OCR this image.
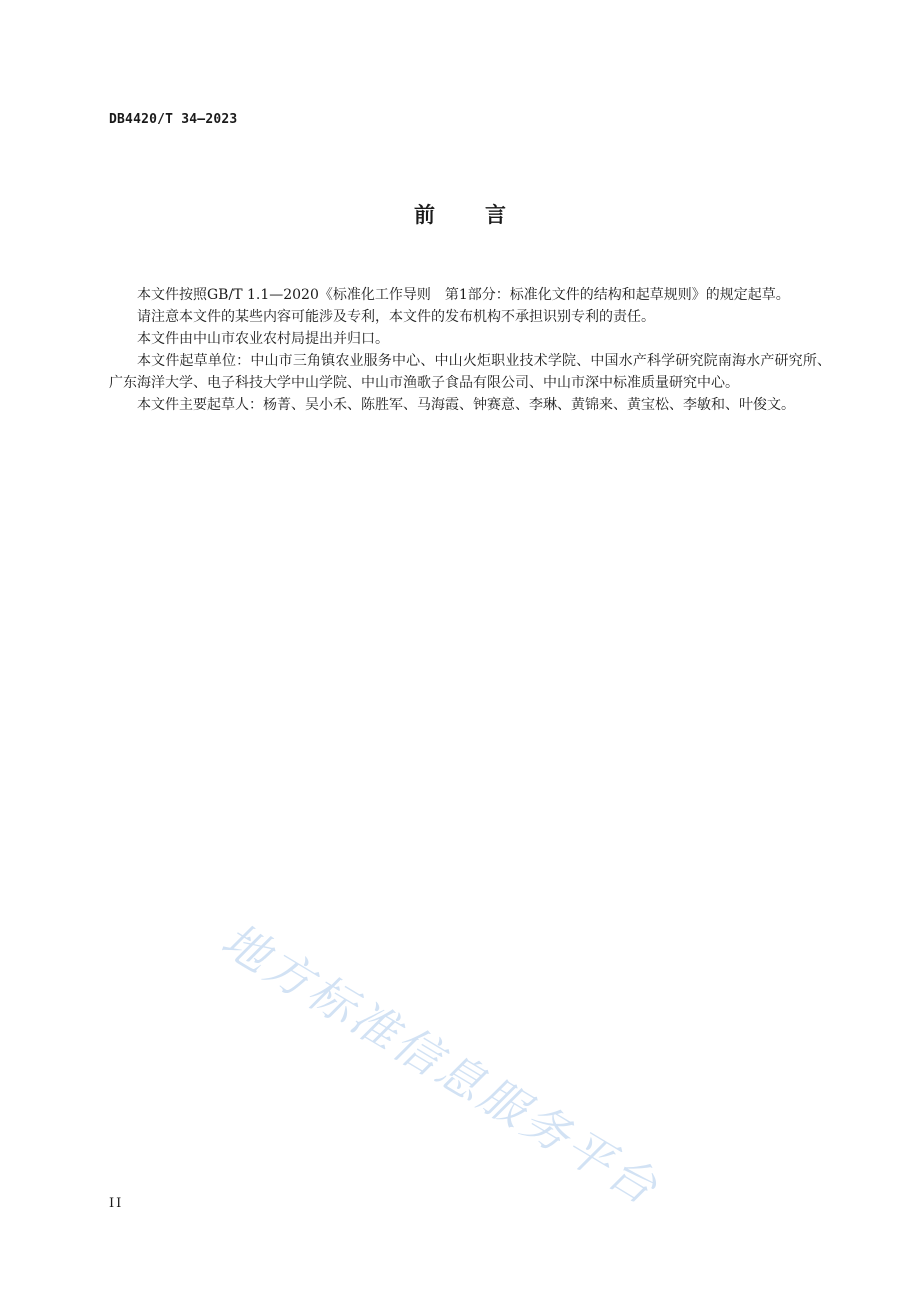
DB4420/T 34—2023
前 言

本文件按照GB/T 1.1—2020《标准化工作导则　第1部分：标准化文件的结构和起草规则》的规定起草。

请注意本文件的某些内容可能涉及专利，本文件的发布机构不承担识别专利的责任。

本文件由中山市农业农村局提出并归口。

本文件起草单位：中山市三角镇农业服务中心、中山火炬职业技术学院、中国水产科学研究院南海水产研究所、广东海洋大学、电子科技大学中山学院、中山市渔歌子食品有限公司、中山市深中标准质量研究中心。

本文件主要起草人：杨菁、吴小禾、陈胜军、马海霞、钟赛意、李琳、黄锦来、黄宝松、李敏和、叶俊文。

地方标准信息服务平台
II
